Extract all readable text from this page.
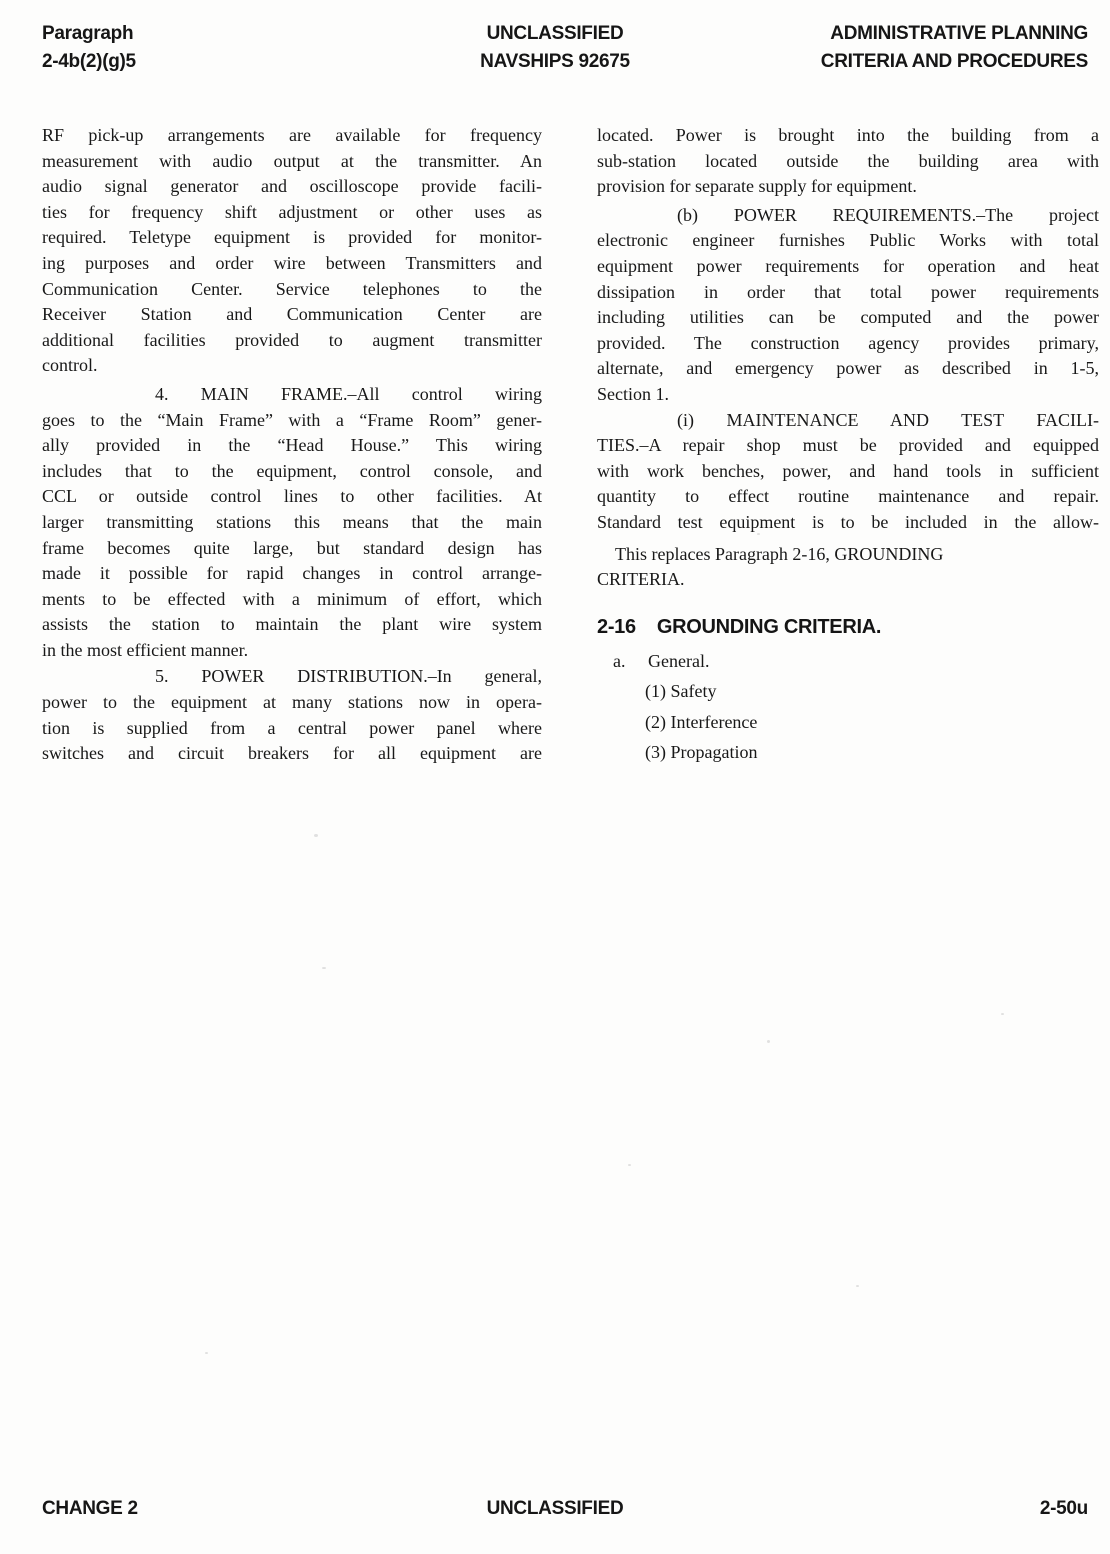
Paragraph
2-4b(2)(g)5
UNCLASSIFIED
NAVSHIPS 92675
ADMINISTRATIVE PLANNING
CRITERIA AND PROCEDURES
RF pick-up arrangements are available for frequency
measurement with audio output at the transmitter. An
audio signal generator and oscilloscope provide facili-
ties for frequency shift adjustment or other uses as
required. Teletype equipment is provided for monitor-
ing purposes and order wire between Transmitters and
Communication Center. Service telephones to the
Receiver Station and Communication Center are
additional facilities provided to augment transmitter
control.
4. MAIN FRAME.–All control wiring
goes to the “Main Frame” with a “Frame Room” gener-
ally provided in the “Head House.” This wiring
includes that to the equipment, control console, and
CCL or outside control lines to other facilities. At
larger transmitting stations this means that the main
frame becomes quite large, but standard design has
made it possible for rapid changes in control arrange-
ments to be effected with a minimum of effort, which
assists the station to maintain the plant wire system
in the most efficient manner.
5. POWER DISTRIBUTION.–In general,
power to the equipment at many stations now in opera-
tion is supplied from a central power panel where
switches and circuit breakers for all equipment are
located. Power is brought into the building from a
sub-station located outside the building area with
provision for separate supply for equipment.
(b) POWER REQUIREMENTS.–The project
electronic engineer furnishes Public Works with total
equipment power requirements for operation and heat
dissipation in order that total power requirements
including utilities can be computed and the power
provided. The construction agency provides primary,
alternate, and emergency power as described in 1-5,
Section 1.
(i) MAINTENANCE AND TEST FACILI-
TIES.–A repair shop must be provided and equipped
with work benches, power, and hand tools in sufficient
quantity to effect routine maintenance and repair.
Standard test equipment is to be included in the allow-
This replaces Paragraph 2-16, GROUNDING
CRITERIA.
2-16 GROUNDING CRITERIA.
a. General.
(1) Safety
(2) Interference
(3) Propagation
CHANGE 2	UNCLASSIFIED	2-50u
